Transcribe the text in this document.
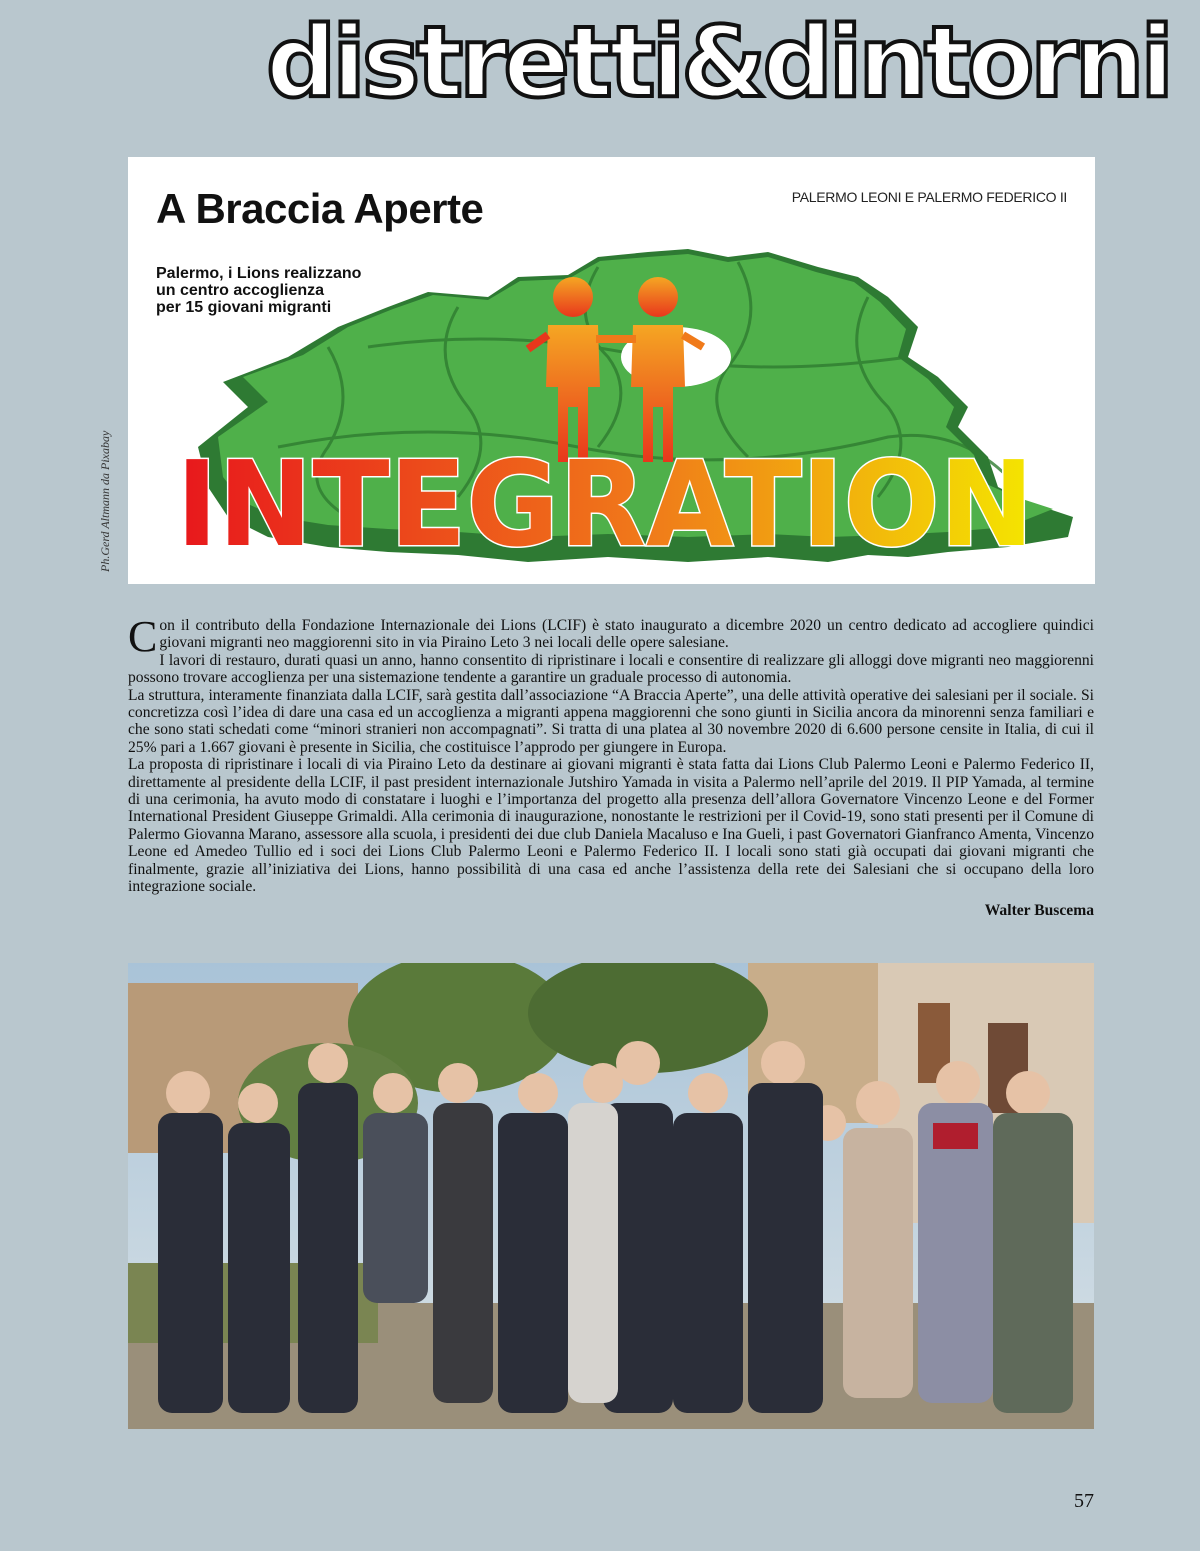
distretti&dintorni
Ph.Gerd Altmann da Pixabay INTEGRATION
A Braccia Aperte	PALERMO LEONI E PALERMO FEDERICO II
Palermo, i Lions realizzano
un centro accoglienza
per 15 giovani migranti

Con il contributo della Fondazione Internazionale dei Lions (LCIF) è stato inaugurato a dicembre 2020 un centro dedicato ad accogliere quindici giovani migranti neo maggiorenni sito in via Piraino Leto 3 nei locali delle opere salesiane.

I lavori di restauro, durati quasi un anno, hanno consentito di ripristinare i locali e consentire di realizzare gli alloggi dove migranti neo maggiorenni possono trovare accoglienza per una sistemazione tendente a garantire un graduale processo di autonomia.

La struttura, interamente finanziata dalla LCIF, sarà gestita dall’associazione “A Braccia Aperte”, una delle attività operative dei salesiani per il sociale. Si concretizza così l’idea di dare una casa ed un accoglienza a migranti appena maggiorenni che sono giunti in Sicilia ancora da minorenni senza familiari e che sono stati schedati come “minori stranieri non accompagnati”. Si tratta di una platea al 30 novembre 2020 di 6.600 persone censite in Italia, di cui il 25% pari a 1.667 giovani è presente in Sicilia, che costituisce l’approdo per giungere in Europa.

La proposta di ripristinare i locali di via Piraino Leto da destinare ai giovani migranti è stata fatta dai Lions Club Palermo Leoni e Palermo Federico II, direttamente al presidente della LCIF, il past president internazionale Jutshiro Yamada in visita a Palermo nell’aprile del 2019. Il PIP Yamada, al termine di una cerimonia, ha avuto modo di constatare i luoghi e l’importanza del progetto alla presenza dell’allora Governatore Vincenzo Leone e del Former International President Giuseppe Grimaldi. Alla cerimonia di inaugurazione, nonostante le restrizioni per il Covid-19, sono stati presenti per il Comune di Palermo Giovanna Marano, assessore alla scuola, i presidenti dei due club Daniela Macaluso e Ina Gueli, i past Governatori Gianfranco Amenta, Vincenzo Leone ed Amedeo Tullio ed i soci dei Lions Club Palermo Leoni e Palermo Federico II. I locali sono stati già occupati dai giovani migranti che finalmente, grazie all’iniziativa dei Lions, hanno possibilità di una casa ed anche l’assistenza della rete dei Salesiani che si occupano della loro integrazione sociale.

Walter Buscema
57
